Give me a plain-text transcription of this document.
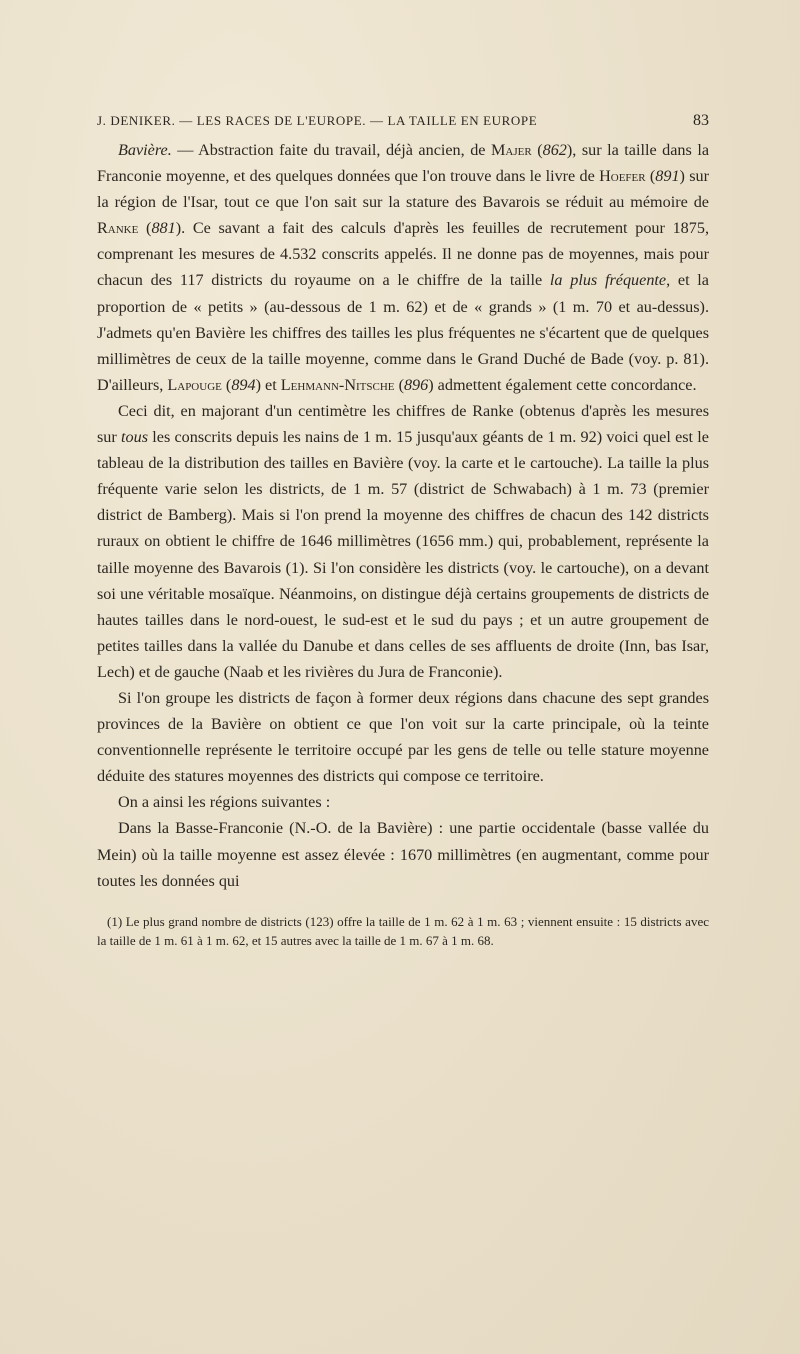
J. DENIKER. — LES RACES DE L'EUROPE. — LA TAILLE EN EUROPE	83

Bavière. — Abstraction faite du travail, déjà ancien, de Majer (862), sur la taille dans la Franconie moyenne, et des quelques données que l'on trouve dans le livre de Hoefer (891) sur la région de l'Isar, tout ce que l'on sait sur la stature des Bavarois se réduit au mémoire de Ranke (881). Ce savant a fait des calculs d'après les feuilles de recrutement pour 1875, comprenant les mesures de 4.532 conscrits appelés. Il ne donne pas de moyennes, mais pour chacun des 117 districts du royaume on a le chiffre de la taille la plus fréquente, et la proportion de « petits » (au-dessous de 1 m. 62) et de « grands » (1 m. 70 et au-dessus). J'admets qu'en Bavière les chiffres des tailles les plus fréquentes ne s'écartent que de quelques millimètres de ceux de la taille moyenne, comme dans le Grand Duché de Bade (voy. p. 81). D'ailleurs, Lapouge (894) et Lehmann-Nitsche (896) admettent également cette concordance.

Ceci dit, en majorant d'un centimètre les chiffres de Ranke (obtenus d'après les mesures sur tous les conscrits depuis les nains de 1 m. 15 jusqu'aux géants de 1 m. 92) voici quel est le tableau de la distribution des tailles en Bavière (voy. la carte et le cartouche). La taille la plus fréquente varie selon les districts, de 1 m. 57 (district de Schwabach) à 1 m. 73 (premier district de Bamberg). Mais si l'on prend la moyenne des chiffres de chacun des 142 districts ruraux on obtient le chiffre de 1646 millimètres (1656 mm.) qui, probablement, représente la taille moyenne des Bavarois (1). Si l'on considère les districts (voy. le cartouche), on a devant soi une véritable mosaïque. Néanmoins, on distingue déjà certains groupements de districts de hautes tailles dans le nord-ouest, le sud-est et le sud du pays ; et un autre groupement de petites tailles dans la vallée du Danube et dans celles de ses affluents de droite (Inn, bas Isar, Lech) et de gauche (Naab et les rivières du Jura de Franconie).

Si l'on groupe les districts de façon à former deux régions dans chacune des sept grandes provinces de la Bavière on obtient ce que l'on voit sur la carte principale, où la teinte conventionnelle représente le territoire occupé par les gens de telle ou telle stature moyenne déduite des statures moyennes des districts qui compose ce territoire.

On a ainsi les régions suivantes :

Dans la Basse-Franconie (N.-O. de la Bavière) : une partie occidentale (basse vallée du Mein) où la taille moyenne est assez élevée : 1670 millimètres (en augmentant, comme pour toutes les données qui

(1) Le plus grand nombre de districts (123) offre la taille de 1 m. 62 à 1 m. 63 ; viennent ensuite : 15 districts avec la taille de 1 m. 61 à 1 m. 62, et 15 autres avec la taille de 1 m. 67 à 1 m. 68.
